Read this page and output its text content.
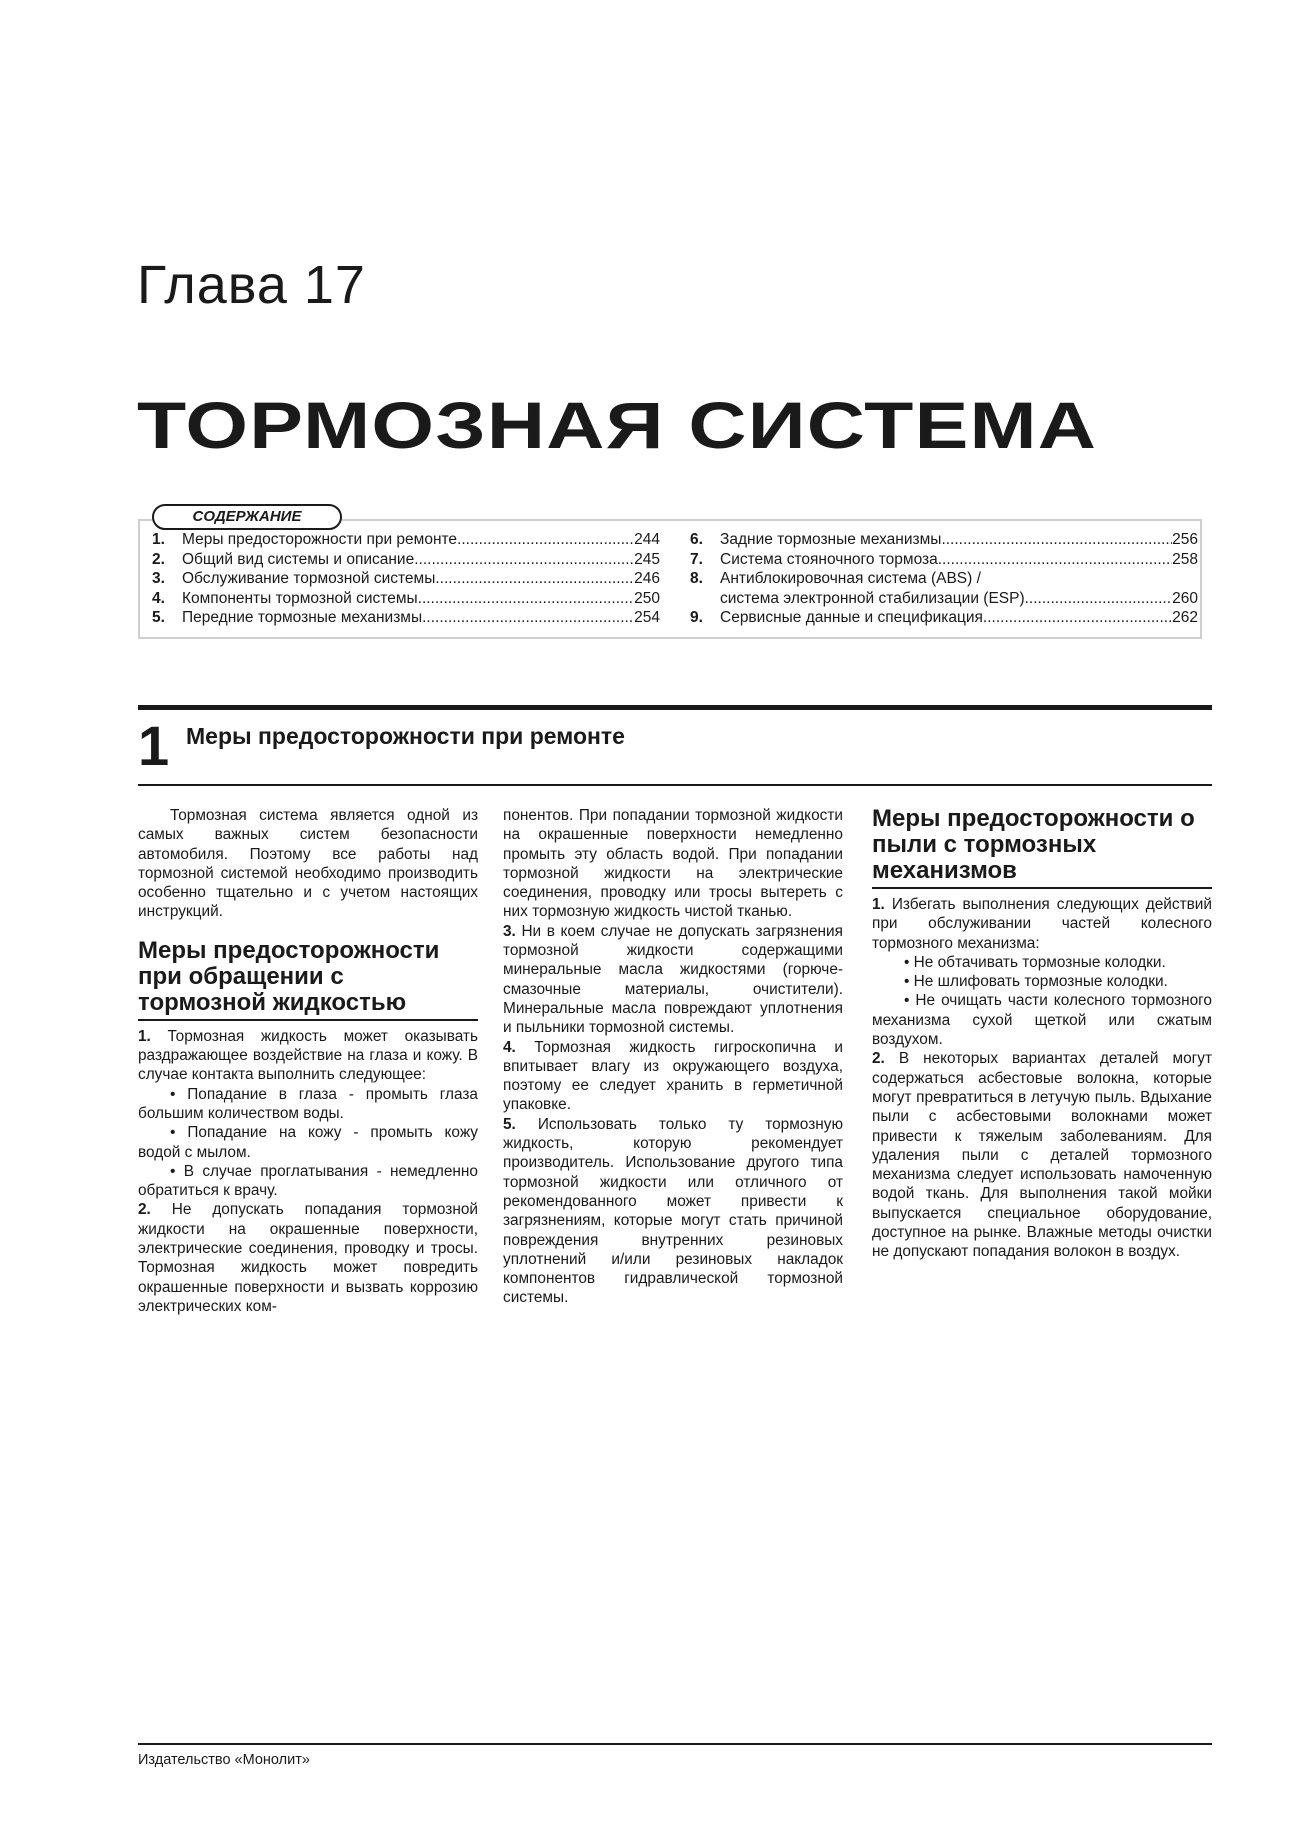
Глава 17
ТОРМОЗНАЯ СИСТЕМА
СОДЕРЖАНИЕ
1.	Меры предосторожности при ремонте .....	244
2.	Общий вид системы и описание .....	245
3.	Обслуживание тормозной системы .....	246
4.	Компоненты тормозной системы .....	250
5.	Передние тормозные механизмы .....	254
6.	Задние тормозные механизмы .....	256
7.	Система стояночного тормоза .....	258
8.	Антиблокировочная система (ABS) /
система электронной стабилизации (ESP) .....	260
9.	Сервисные данные и спецификация .....	262
1 Меры предосторожности при ремонте

Тормозная система является одной из самых важных систем безопасности автомобиля. Поэтому все работы над тормозной системой необходимо производить особенно тщательно и с учетом настоящих инструкций.

Меры предосторожности при обращении с тормозной жидкостью

1. Тормозная жидкость может оказывать раздражающее воздействие на глаза и кожу. В случае контакта выполнить следующее:

• Попадание в глаза - промыть глаза большим количеством воды.

• Попадание на кожу - промыть кожу водой с мылом.

• В случае проглатывания - немедленно обратиться к врачу.

2. Не допускать попадания тормозной жидкости на окрашенные поверхности, электрические соединения, проводку и тросы. Тормозная жидкость может повредить окрашенные поверхности и вызвать коррозию электрических ком-

понентов. При попадании тормозной жидкости на окрашенные поверхности немедленно промыть эту область водой. При попадании тормозной жидкости на электрические соединения, проводку или тросы вытереть с них тормозную жидкость чистой тканью.

3. Ни в коем случае не допускать загрязнения тормозной жидкости содержащими минеральные масла жидкостями (горюче-смазочные материалы, очистители). Минеральные масла повреждают уплотнения и пыльники тормозной системы.

4. Тормозная жидкость гигроскопична и впитывает влагу из окружающего воздуха, поэтому ее следует хранить в герметичной упаковке.

5. Использовать только ту тормозную жидкость, которую рекомендует производитель. Использование другого типа тормозной жидкости или отличного от рекомендованного может привести к загрязнениям, которые могут стать причиной повреждения внутренних резиновых уплотнений и/или резиновых накладок компонентов гидравлической тормозной системы.

Меры предосторожности о пыли с тормозных механизмов

1. Избегать выполнения следующих действий при обслуживании частей колесного тормозного механизма:

• Не обтачивать тормозные колодки.

• Не шлифовать тормозные колодки.

• Не очищать части колесного тормозного механизма сухой щеткой или сжатым воздухом.

2. В некоторых вариантах деталей могут содержаться асбестовые волокна, которые могут превратиться в летучую пыль. Вдыхание пыли с асбестовыми волокнами может привести к тяжелым заболеваниям. Для удаления пыли с деталей тормозного механизма следует использовать намоченную водой ткань. Для выполнения такой мойки выпускается специальное оборудование, доступное на рынке. Влажные методы очистки не допускают попадания волокон в воздух.

Издательство «Монолит»
